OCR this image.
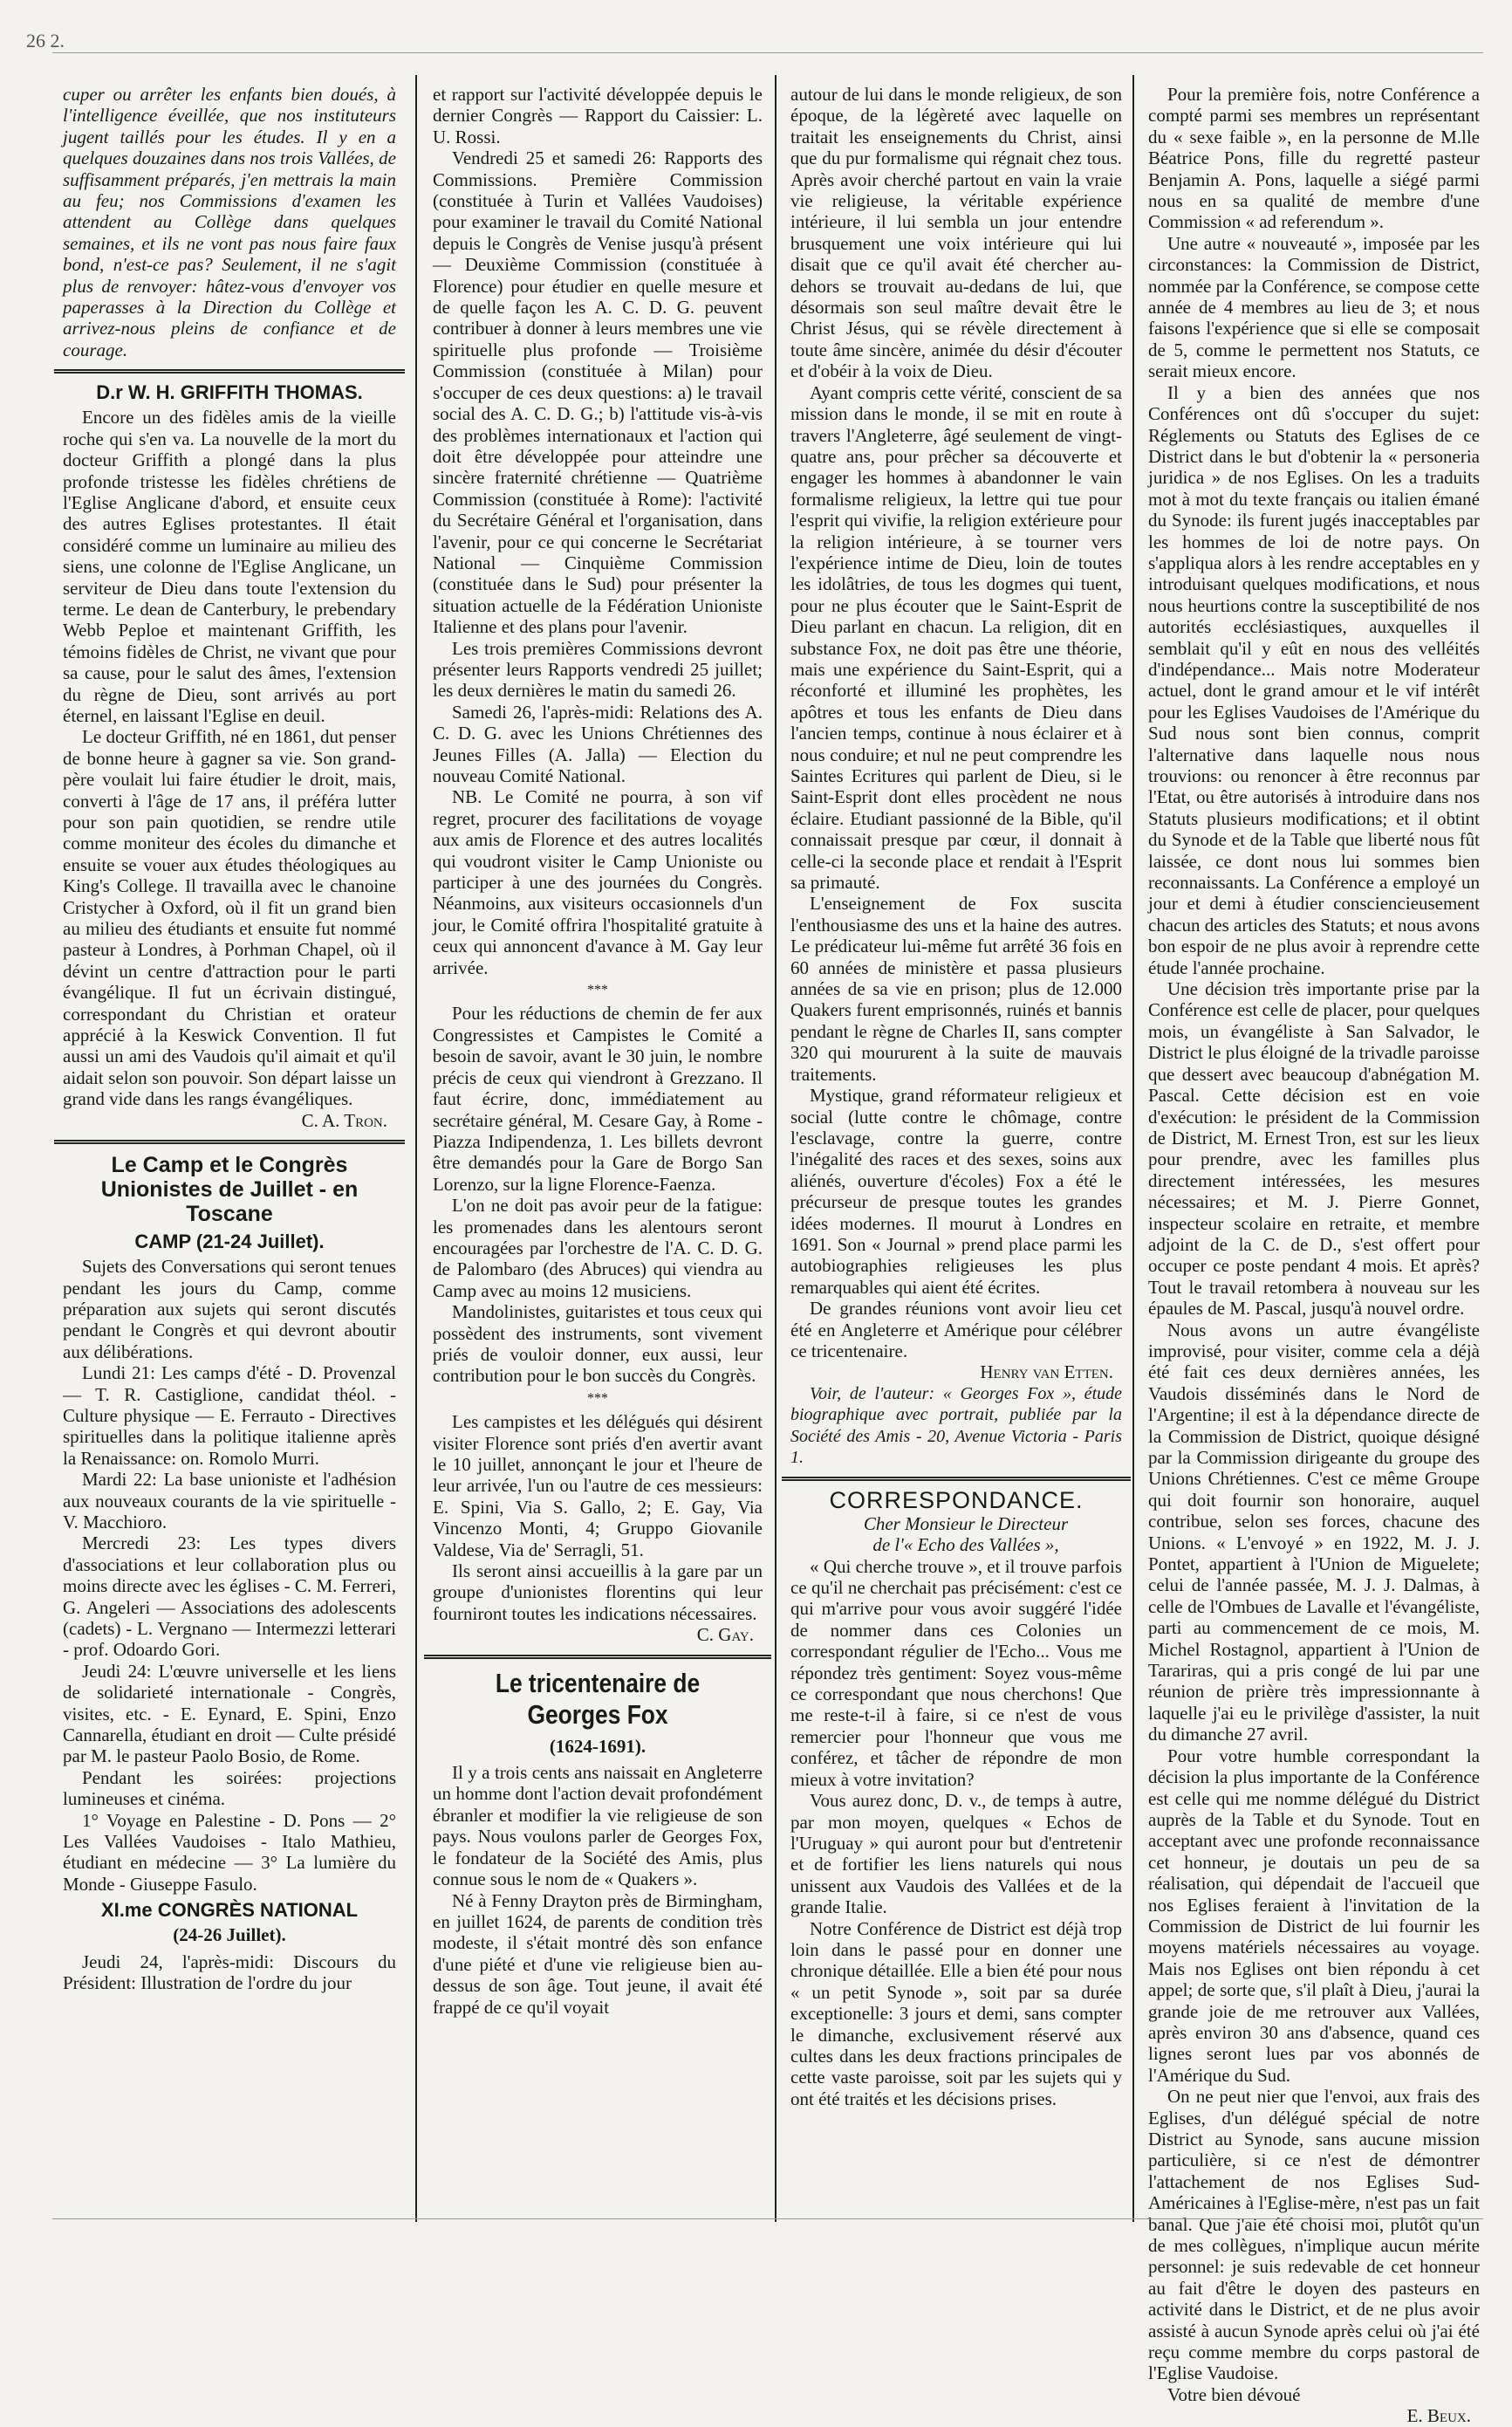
26 2.

cuper ou arrêter les enfants bien doués, à l'intelligence éveillée, que nos instituteurs jugent taillés pour les études. Il y en a quelques douzaines dans nos trois Vallées, de suffisamment préparés, j'en mettrais la main au feu; nos Commissions d'examen les attendent au Collège dans quelques semaines, et ils ne vont pas nous faire faux bond, n'est-ce pas? Seulement, il ne s'agit plus de renvoyer: hâtez-vous d'envoyer vos paperasses à la Direction du Collège et arrivez-nous pleins de confiance et de courage.

D.r W. H. GRIFFITH THOMAS.

Encore un des fidèles amis de la vieille roche qui s'en va. La nouvelle de la mort du docteur Griffith a plongé dans la plus profonde tristesse les fidèles chrétiens de l'Eglise Anglicane d'abord, et ensuite ceux des autres Eglises protestantes. Il était considéré comme un luminaire au milieu des siens, une colonne de l'Eglise Anglicane, un serviteur de Dieu dans toute l'extension du terme. Le dean de Canterbury, le prebendary Webb Peploe et maintenant Griffith, les témoins fidèles de Christ, ne vivant que pour sa cause, pour le salut des âmes, l'extension du règne de Dieu, sont arrivés au port éternel, en laissant l'Eglise en deuil.

Le docteur Griffith, né en 1861, dut penser de bonne heure à gagner sa vie. Son grand-père voulait lui faire étudier le droit, mais, converti à l'âge de 17 ans, il préféra lutter pour son pain quotidien, se rendre utile comme moniteur des écoles du dimanche et ensuite se vouer aux études théologiques au King's College. Il travailla avec le chanoine Cristycher à Oxford, où il fit un grand bien au milieu des étudiants et ensuite fut nommé pasteur à Londres, à Porhman Chapel, où il dévint un centre d'attraction pour le parti évangélique. Il fut un écrivain distingué, correspondant du Christian et orateur apprécié à la Keswick Convention. Il fut aussi un ami des Vaudois qu'il aimait et qu'il aidait selon son pouvoir. Son départ laisse un grand vide dans les rangs évangéliques.

C. A. Tron.
Le Camp et le Congrès Unionistes de Juillet - en Toscane
CAMP (21-24 Juillet).

Sujets des Conversations qui seront tenues pendant les jours du Camp, comme préparation aux sujets qui seront discutés pendant le Congrès et qui devront aboutir aux délibérations.

Lundi 21: Les camps d'été - D. Provenzal — T. R. Castiglione, candidat théol. - Culture physique — E. Ferrauto - Directives spirituelles dans la politique italienne après la Renaissance: on. Romolo Murri.

Mardi 22: La base unioniste et l'adhésion aux nouveaux courants de la vie spirituelle - V. Macchioro.

Mercredi 23: Les types divers d'associations et leur collaboration plus ou moins directe avec les églises - C. M. Ferreri, G. Angeleri — Associations des adolescents (cadets) - L. Vergnano — Intermezzi letterari - prof. Odoardo Gori.

Jeudi 24: L'œuvre universelle et les liens de solidarieté internationale - Congrès, visites, etc. - E. Eynard, E. Spini, Enzo Cannarella, étudiant en droit — Culte présidé par M. le pasteur Paolo Bosio, de Rome.

Pendant les soirées: projections lumineuses et cinéma.

1° Voyage en Palestine - D. Pons — 2° Les Vallées Vaudoises - Italo Mathieu, étudiant en médecine — 3° La lumière du Monde - Giuseppe Fasulo.

XI.me CONGRÈS NATIONAL
(24-26 Juillet).

Jeudi 24, l'après-midi: Discours du Président: Illustration de l'ordre du jour

et rapport sur l'activité développée depuis le dernier Congrès — Rapport du Caissier: L. U. Rossi.

Vendredi 25 et samedi 26: Rapports des Commissions. Première Commission (constituée à Turin et Vallées Vaudoises) pour examiner le travail du Comité National depuis le Congrès de Venise jusqu'à présent — Deuxième Commission (constituée à Florence) pour étudier en quelle mesure et de quelle façon les A. C. D. G. peuvent contribuer à donner à leurs membres une vie spirituelle plus profonde — Troisième Commission (constituée à Milan) pour s'occuper de ces deux questions: a) le travail social des A. C. D. G.; b) l'attitude vis-à-vis des problèmes internationaux et l'action qui doit être développée pour atteindre une sincère fraternité chrétienne — Quatrième Commission (constituée à Rome): l'activité du Secrétaire Général et l'organisation, dans l'avenir, pour ce qui concerne le Secrétariat National — Cinquième Commission (constituée dans le Sud) pour présenter la situation actuelle de la Fédération Unioniste Italienne et des plans pour l'avenir.

Les trois premières Commissions devront présenter leurs Rapports vendredi 25 juillet; les deux dernières le matin du samedi 26.

Samedi 26, l'après-midi: Relations des A. C. D. G. avec les Unions Chrétiennes des Jeunes Filles (A. Jalla) — Election du nouveau Comité National.

NB. Le Comité ne pourra, à son vif regret, procurer des facilitations de voyage aux amis de Florence et des autres localités qui voudront visiter le Camp Unioniste ou participer à une des journées du Congrès. Néanmoins, aux visiteurs occasionnels d'un jour, le Comité offrira l'hospitalité gratuite à ceux qui annoncent d'avance à M. Gay leur arrivée.

***

Pour les réductions de chemin de fer aux Congressistes et Campistes le Comité a besoin de savoir, avant le 30 juin, le nombre précis de ceux qui viendront à Grezzano. Il faut écrire, donc, immédiatement au secrétaire général, M. Cesare Gay, à Rome - Piazza Indipendenza, 1. Les billets devront être demandés pour la Gare de Borgo San Lorenzo, sur la ligne Florence-Faenza.

L'on ne doit pas avoir peur de la fatigue: les promenades dans les alentours seront encouragées par l'orchestre de l'A. C. D. G. de Palombaro (des Abruces) qui viendra au Camp avec au moins 12 musiciens.

Mandolinistes, guitaristes et tous ceux qui possèdent des instruments, sont vivement priés de vouloir donner, eux aussi, leur contribution pour le bon succès du Congrès.

***

Les campistes et les délégués qui désirent visiter Florence sont priés d'en avertir avant le 10 juillet, annonçant le jour et l'heure de leur arrivée, l'un ou l'autre de ces messieurs: E. Spini, Via S. Gallo, 2; E. Gay, Via Vincenzo Monti, 4; Gruppo Giovanile Valdese, Via de' Serragli, 51.

Ils seront ainsi accueillis à la gare par un groupe d'unionistes florentins qui leur fourniront toutes les indications nécessaires.

C. Gay.
Le tricentenaire de Georges Fox
(1624-1691).

Il y a trois cents ans naissait en Angleterre un homme dont l'action devait profondément ébranler et modifier la vie religieuse de son pays. Nous voulons parler de Georges Fox, le fondateur de la Société des Amis, plus connue sous le nom de « Quakers ».

Né à Fenny Drayton près de Birmingham, en juillet 1624, de parents de condition très modeste, il s'était montré dès son enfance d'une piété et d'une vie religieuse bien au-dessus de son âge. Tout jeune, il avait été frappé de ce qu'il voyait

autour de lui dans le monde religieux, de son époque, de la légèreté avec laquelle on traitait les enseignements du Christ, ainsi que du pur formalisme qui régnait chez tous. Après avoir cherché partout en vain la vraie vie religieuse, la véritable expérience intérieure, il lui sembla un jour entendre brusquement une voix intérieure qui lui disait que ce qu'il avait été chercher au-dehors se trouvait au-dedans de lui, que désormais son seul maître devait être le Christ Jésus, qui se révèle directement à toute âme sincère, animée du désir d'écouter et d'obéir à la voix de Dieu.

Ayant compris cette vérité, conscient de sa mission dans le monde, il se mit en route à travers l'Angleterre, âgé seulement de vingt-quatre ans, pour prêcher sa découverte et engager les hommes à abandonner le vain formalisme religieux, la lettre qui tue pour l'esprit qui vivifie, la religion extérieure pour la religion intérieure, à se tourner vers l'expérience intime de Dieu, loin de toutes les idolâtries, de tous les dogmes qui tuent, pour ne plus écouter que le Saint-Esprit de Dieu parlant en chacun. La religion, dit en substance Fox, ne doit pas être une théorie, mais une expérience du Saint-Esprit, qui a réconforté et illuminé les prophètes, les apôtres et tous les enfants de Dieu dans l'ancien temps, continue à nous éclairer et à nous conduire; et nul ne peut comprendre les Saintes Ecritures qui parlent de Dieu, si le Saint-Esprit dont elles procèdent ne nous éclaire. Etudiant passionné de la Bible, qu'il connaissait presque par cœur, il donnait à celle-ci la seconde place et rendait à l'Esprit sa primauté.

L'enseignement de Fox suscita l'enthousiasme des uns et la haine des autres. Le prédicateur lui-même fut arrêté 36 fois en 60 années de ministère et passa plusieurs années de sa vie en prison; plus de 12.000 Quakers furent emprisonnés, ruinés et bannis pendant le règne de Charles II, sans compter 320 qui moururent à la suite de mauvais traitements.

Mystique, grand réformateur religieux et social (lutte contre le chômage, contre l'esclavage, contre la guerre, contre l'inégalité des races et des sexes, soins aux aliénés, ouverture d'écoles) Fox a été le précurseur de presque toutes les grandes idées modernes. Il mourut à Londres en 1691. Son « Journal » prend place parmi les autobiographies religieuses les plus remarquables qui aient été écrites.

De grandes réunions vont avoir lieu cet été en Angleterre et Amérique pour célébrer ce tricentenaire.

Henry van Etten.

Voir, de l'auteur: « Georges Fox », étude biographique avec portrait, publiée par la Société des Amis - 20, Avenue Victoria - Paris 1.

CORRESPONDANCE.

Cher Monsieur le Directeur

de l'« Echo des Vallées »,

« Qui cherche trouve », et il trouve parfois ce qu'il ne cherchait pas précisément: c'est ce qui m'arrive pour vous avoir suggéré l'idée de nommer dans ces Colonies un correspondant régulier de l'Echo... Vous me répondez très gentiment: Soyez vous-même ce correspondant que nous cherchons! Que me reste-t-il à faire, si ce n'est de vous remercier pour l'honneur que vous me conférez, et tâcher de répondre de mon mieux à votre invitation?

Vous aurez donc, D. v., de temps à autre, par mon moyen, quelques « Echos de l'Uruguay » qui auront pour but d'entretenir et de fortifier les liens naturels qui nous unissent aux Vaudois des Vallées et de la grande Italie.

Notre Conférence de District est déjà trop loin dans le passé pour en donner une chronique détaillée. Elle a bien été pour nous « un petit Synode », soit par sa durée exceptionelle: 3 jours et demi, sans compter le dimanche, exclusivement réservé aux cultes dans les deux fractions principales de cette vaste paroisse, soit par les sujets qui y ont été traités et les décisions prises.

Pour la première fois, notre Conférence a compté parmi ses membres un représentant du « sexe faible », en la personne de M.lle Béatrice Pons, fille du regretté pasteur Benjamin A. Pons, laquelle a siégé parmi nous en sa qualité de membre d'une Commission « ad referendum ».

Une autre « nouveauté », imposée par les circonstances: la Commission de District, nommée par la Conférence, se compose cette année de 4 membres au lieu de 3; et nous faisons l'expérience que si elle se composait de 5, comme le permettent nos Statuts, ce serait mieux encore.

Il y a bien des années que nos Conférences ont dû s'occuper du sujet: Réglements ou Statuts des Eglises de ce District dans le but d'obtenir la « personeria juridica » de nos Eglises. On les a traduits mot à mot du texte français ou italien émané du Synode: ils furent jugés inacceptables par les hommes de loi de notre pays. On s'appliqua alors à les rendre acceptables en y introduisant quelques modifications, et nous nous heurtions contre la susceptibilité de nos autorités ecclésiastiques, auxquelles il semblait qu'il y eût en nous des velléités d'indépendance... Mais notre Moderateur actuel, dont le grand amour et le vif intérêt pour les Eglises Vaudoises de l'Amérique du Sud nous sont bien connus, comprit l'alternative dans laquelle nous nous trouvions: ou renoncer à être reconnus par l'Etat, ou être autorisés à introduire dans nos Statuts plusieurs modifications; et il obtint du Synode et de la Table que liberté nous fût laissée, ce dont nous lui sommes bien reconnaissants. La Conférence a employé un jour et demi à étudier consciencieusement chacun des articles des Statuts; et nous avons bon espoir de ne plus avoir à reprendre cette étude l'année prochaine.

Une décision très importante prise par la Conférence est celle de placer, pour quelques mois, un évangéliste à San Salvador, le District le plus éloigné de la trivadle paroisse que dessert avec beaucoup d'abnégation M. Pascal. Cette décision est en voie d'exécution: le président de la Commission de District, M. Ernest Tron, est sur les lieux pour prendre, avec les familles plus directement intéressées, les mesures nécessaires; et M. J. Pierre Gonnet, inspecteur scolaire en retraite, et membre adjoint de la C. de D., s'est offert pour occuper ce poste pendant 4 mois. Et après? Tout le travail retombera à nouveau sur les épaules de M. Pascal, jusqu'à nouvel ordre.

Nous avons un autre évangéliste improvisé, pour visiter, comme cela a déjà été fait ces deux dernières années, les Vaudois disséminés dans le Nord de l'Argentine; il est à la dépendance directe de la Commission de District, quoique désigné par la Commission dirigeante du groupe des Unions Chrétiennes. C'est ce même Groupe qui doit fournir son honoraire, auquel contribue, selon ses forces, chacune des Unions. « L'envoyé » en 1922, M. J. J. Pontet, appartient à l'Union de Miguelete; celui de l'année passée, M. J. J. Dalmas, à celle de l'Ombues de Lavalle et l'évangéliste, parti au commencement de ce mois, M. Michel Rostagnol, appartient à l'Union de Tarariras, qui a pris congé de lui par une réunion de prière très impressionnante à laquelle j'ai eu le privilège d'assister, la nuit du dimanche 27 avril.

Pour votre humble correspondant la décision la plus importante de la Conférence est celle qui me nomme délégué du District auprès de la Table et du Synode. Tout en acceptant avec une profonde reconnaissance cet honneur, je doutais un peu de sa réalisation, qui dépendait de l'accueil que nos Eglises feraient à l'invitation de la Commission de District de lui fournir les moyens matériels nécessaires au voyage. Mais nos Eglises ont bien répondu à cet appel; de sorte que, s'il plaît à Dieu, j'aurai la grande joie de me retrouver aux Vallées, après environ 30 ans d'absence, quand ces lignes seront lues par vos abonnés de l'Amérique du Sud.

On ne peut nier que l'envoi, aux frais des Eglises, d'un délégué spécial de notre District au Synode, sans aucune mission particulière, si ce n'est de démontrer l'attachement de nos Eglises Sud-Américaines à l'Eglise-mère, n'est pas un fait banal. Que j'aie été choisi moi, plutôt qu'un de mes collègues, n'implique aucun mérite personnel: je suis redevable de cet honneur au fait d'être le doyen des pasteurs en activité dans le District, et de ne plus avoir assisté à aucun Synode après celui où j'ai été reçu comme membre du corps pastoral de l'Eglise Vaudoise.

Votre bien dévoué

E. Beux.
